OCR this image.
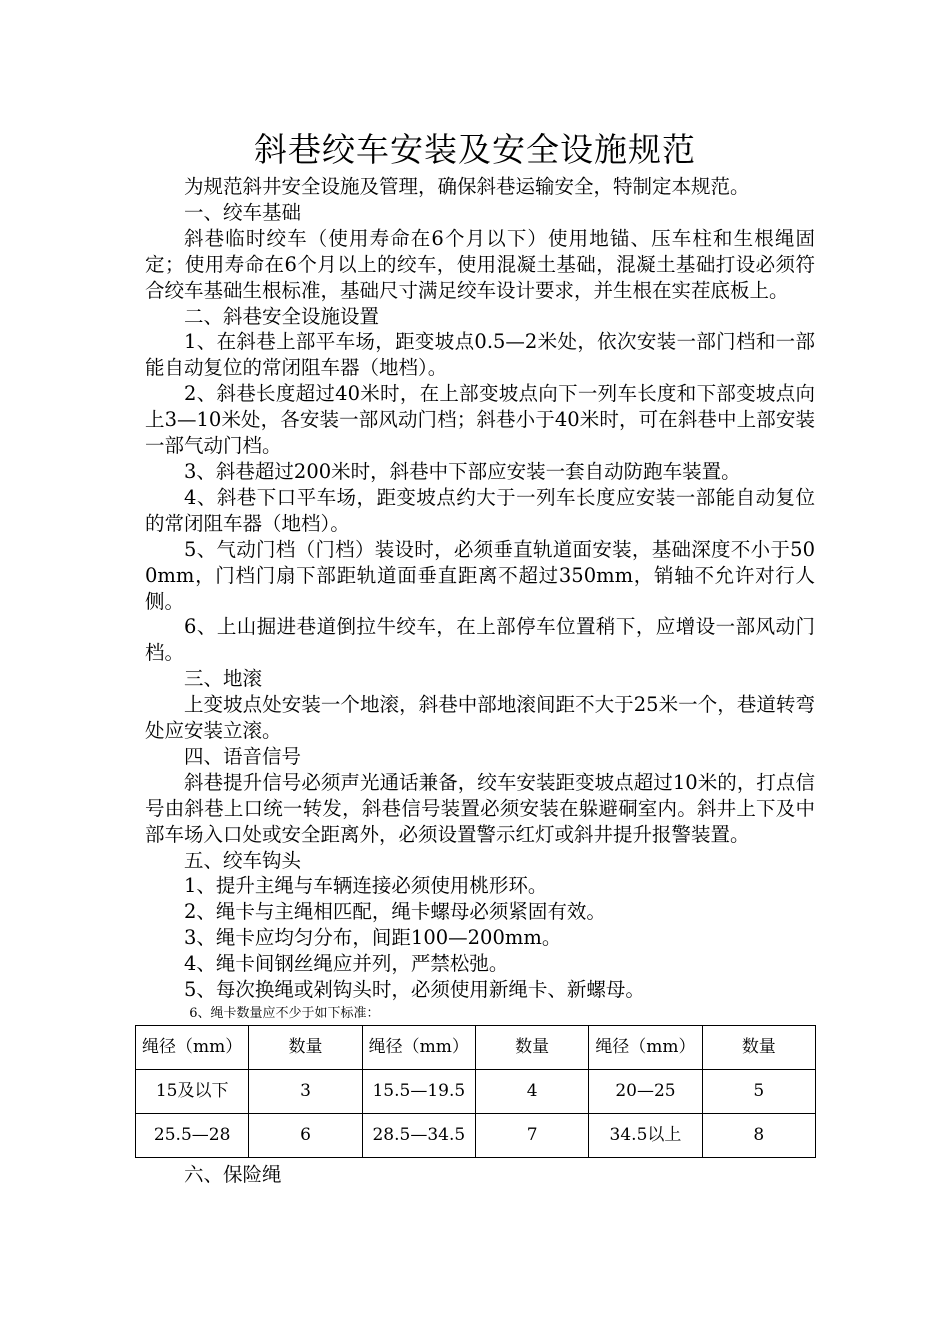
斜巷绞车安装及安全设施规范

为规范斜井安全设施及管理，确保斜巷运输安全，特制定本规范。

一、绞车基础

斜巷临时绞车（使用寿命在6个月以下）使用地锚、压车柱和生根绳固定；使用寿命在6个月以上的绞车，使用混凝土基础，混凝土基础打设必须符合绞车基础生根标准，基础尺寸满足绞车设计要求，并生根在实茬底板上。

二、斜巷安全设施设置

1、在斜巷上部平车场，距变坡点0.5—2米处，依次安装一部门档和一部能自动复位的常闭阻车器（地档）。

2、斜巷长度超过40米时，在上部变坡点向下一列车长度和下部变坡点向上3—10米处，各安装一部风动门档；斜巷小于40米时，可在斜巷中上部安装一部气动门档。

3、斜巷超过200米时，斜巷中下部应安装一套自动防跑车装置。

4、斜巷下口平车场，距变坡点约大于一列车长度应安装一部能自动复位的常闭阻车器（地档）。

5、气动门档（门档）装设时，必须垂直轨道面安装，基础深度不小于500mm，门档门扇下部距轨道面垂直距离不超过350mm，销轴不允许对行人侧。

6、上山掘进巷道倒拉牛绞车，在上部停车位置稍下，应增设一部风动门档。

三、地滚

上变坡点处安装一个地滚，斜巷中部地滚间距不大于25米一个，巷道转弯处应安装立滚。

四、语音信号

斜巷提升信号必须声光通话兼备，绞车安装距变坡点超过10米的，打点信号由斜巷上口统一转发，斜巷信号装置必须安装在躲避硐室内。斜井上下及中部车场入口处或安全距离外，必须设置警示红灯或斜井提升报警装置。

五、绞车钩头

1、提升主绳与车辆连接必须使用桃形环。

2、绳卡与主绳相匹配，绳卡螺母必须紧固有效。

3、绳卡应均匀分布，间距100—200mm。

4、绳卡间钢丝绳应并列，严禁松弛。

5、每次换绳或剁钩头时，必须使用新绳卡、新螺母。

6、绳卡数量应不少于如下标准：

绳径（mm）	数量	绳径（mm）	数量	绳径（mm）	数量
15及以下	3	15.5—19.5	4	20—25	5
25.5—28	6	28.5—34.5	7	34.5以上	8

六、保险绳
